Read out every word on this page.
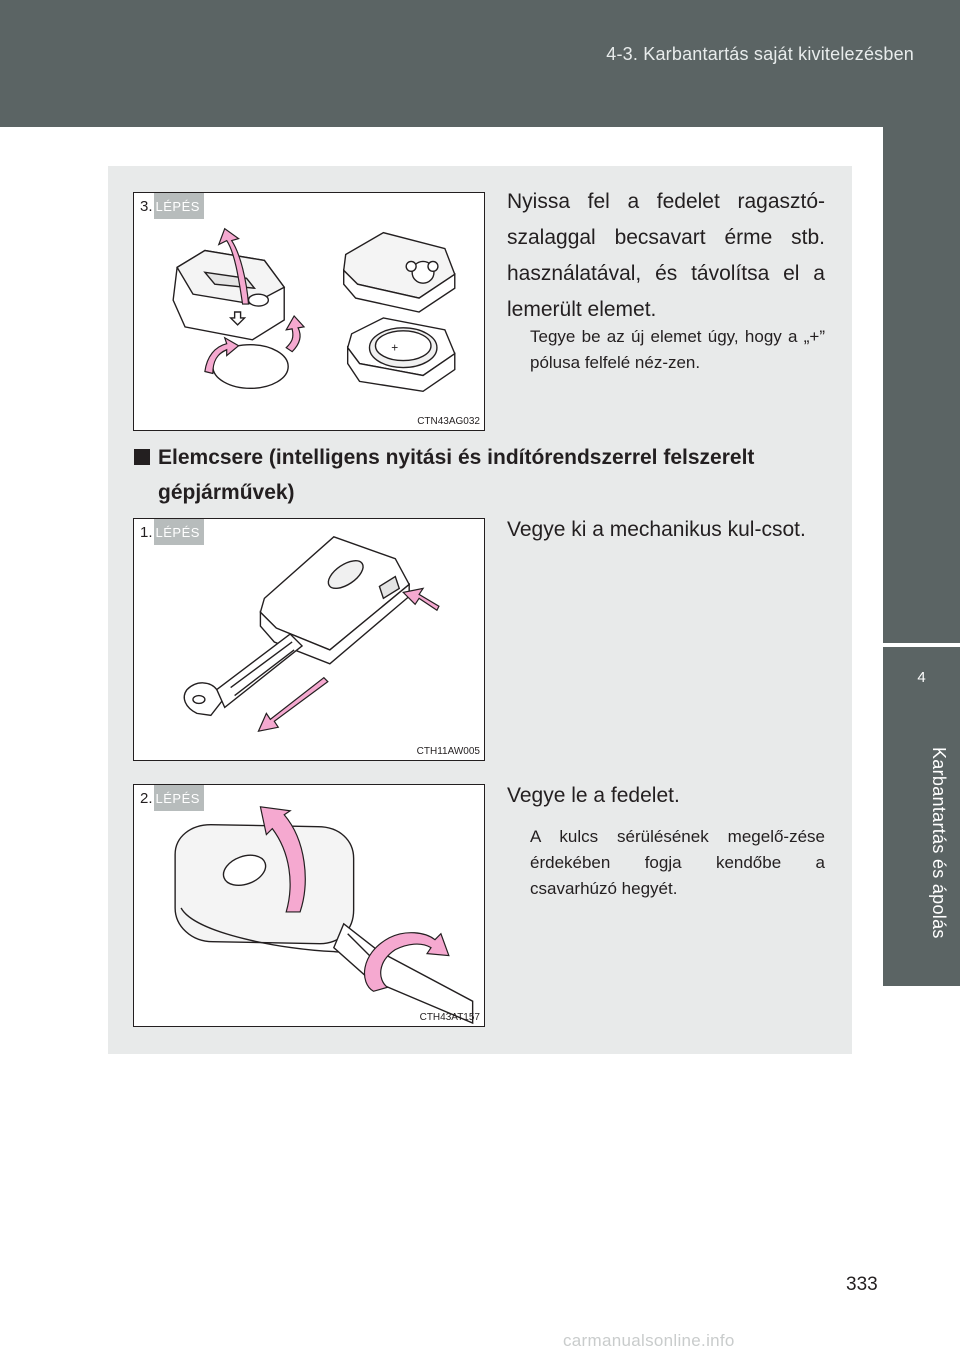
4-3. Karbantartás saját kivitelezésben
4
Karbantartás és ápolás
+
3. LÉPÉS
CTN43AG032
Nyissa fel a fedelet ragasztó-szalaggal becsavart érme stb. használatával, és távolítsa el a lemerült elemet.
Tegye be az új elemet úgy, hogy a „+” pólusa felfelé néz-zen.
Elemcsere (intelligens nyitási és indítórendszerrel felszerelt
gépjárművek)
1. LÉPÉS
CTH11AW005
Vegye ki a mechanikus kul-csot.
2. LÉPÉS
CTH43AT157
Vegye le a fedelet.
A kulcs sérülésének megelő-zése érdekében fogja kendőbe a csavarhúzó hegyét.
333
carmanualsonline.info
